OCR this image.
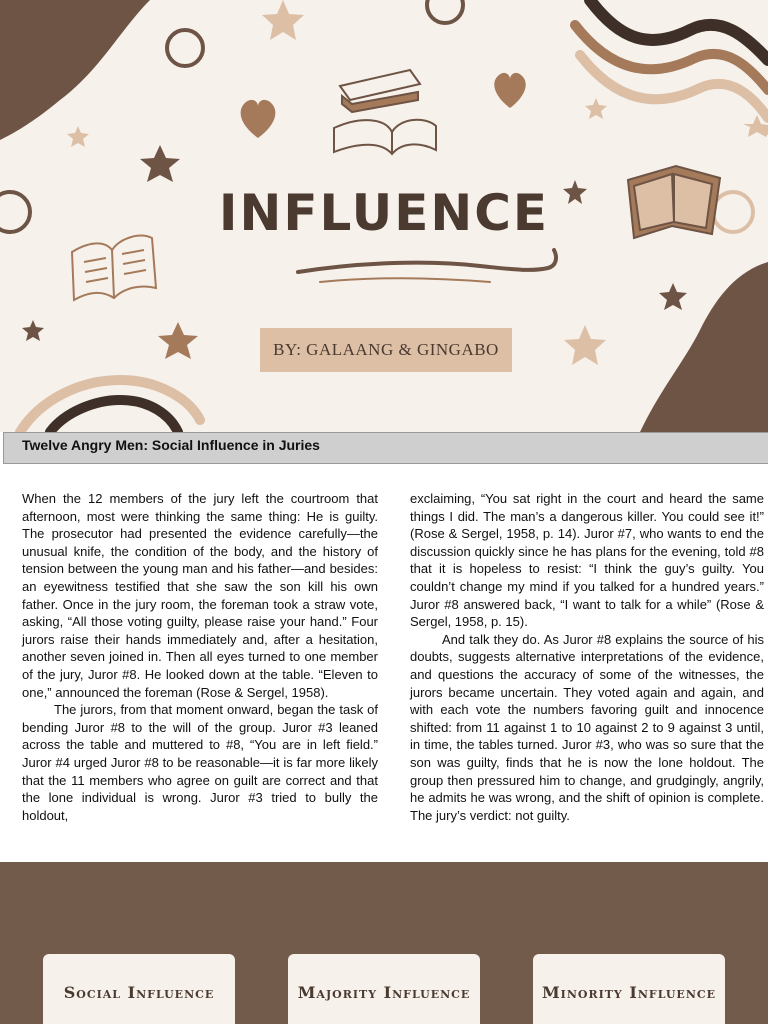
INFLUENCE
BY: GALAANG & GINGABO
Twelve Angry Men: Social Influence in Juries

When the 12 members of the jury left the courtroom that afternoon, most were thinking the same thing: He is guilty. The prosecutor had presented the evidence carefully—the unusual knife, the condition of the body, and the history of tension between the young man and his father—and besides: an eyewitness testified that she saw the son kill his own father. Once in the jury room, the foreman took a straw vote, asking, “All those voting guilty, please raise your hand.” Four jurors raise their hands immediately and, after a hesitation, another seven joined in. Then all eyes turned to one member of the jury, Juror #8. He looked down at the table. “Eleven to one,” announced the foreman (Rose & Sergel, 1958).

The jurors, from that moment onward, began the task of bending Juror #8 to the will of the group. Juror #3 leaned across the table and muttered to #8, “You are in left field.” Juror #4 urged Juror #8 to be reasonable—it is far more likely that the 11 members who agree on guilt are correct and that the lone individual is wrong. Juror #3 tried to bully the holdout,

exclaiming, “You sat right in the court and heard the same things I did. The man’s a dangerous killer. You could see it!” (Rose & Sergel, 1958, p. 14). Juror #7, who wants to end the discussion quickly since he has plans for the evening, told #8 that it is hopeless to resist: “I think the guy’s guilty. You couldn’t change my mind if you talked for a hundred years.” Juror #8 answered back, “I want to talk for a while” (Rose & Sergel, 1958, p. 15).

And talk they do. As Juror #8 explains the source of his doubts, suggests alternative interpretations of the evidence, and questions the accuracy of some of the witnesses, the jurors became uncertain. They voted again and again, and with each vote the numbers favoring guilt and innocence shifted: from 11 against 1 to 10 against 2 to 9 against 3 until, in time, the tables turned. Juror #3, who was so sure that the son was guilty, finds that he is now the lone holdout. The group then pressured him to change, and grudgingly, angrily, he admits he was wrong, and the shift of opinion is complete. The jury’s verdict: not guilty.

Social Influence	Majority Influence	Minority Influence
